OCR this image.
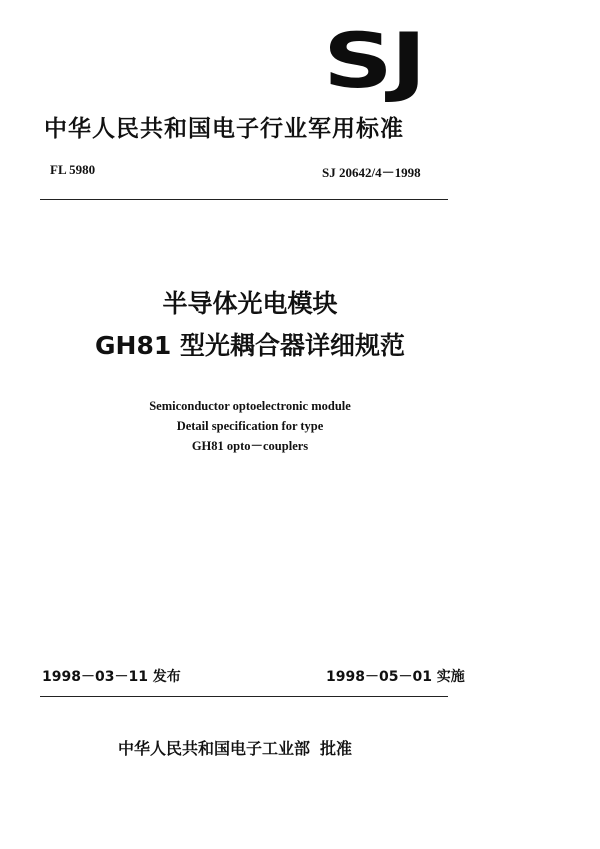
SJ
中华人民共和国电子行业军用标准
FL 5980	SJ 20642/4－1998
半导体光电模块
GH81 型光耦合器详细规范
Semiconductor optoelectronic module
Detail specification for type
GH81 opto－couplers
1998－03－11 发布	1998－05－01 实施
中华人民共和国电子工业部 批准
